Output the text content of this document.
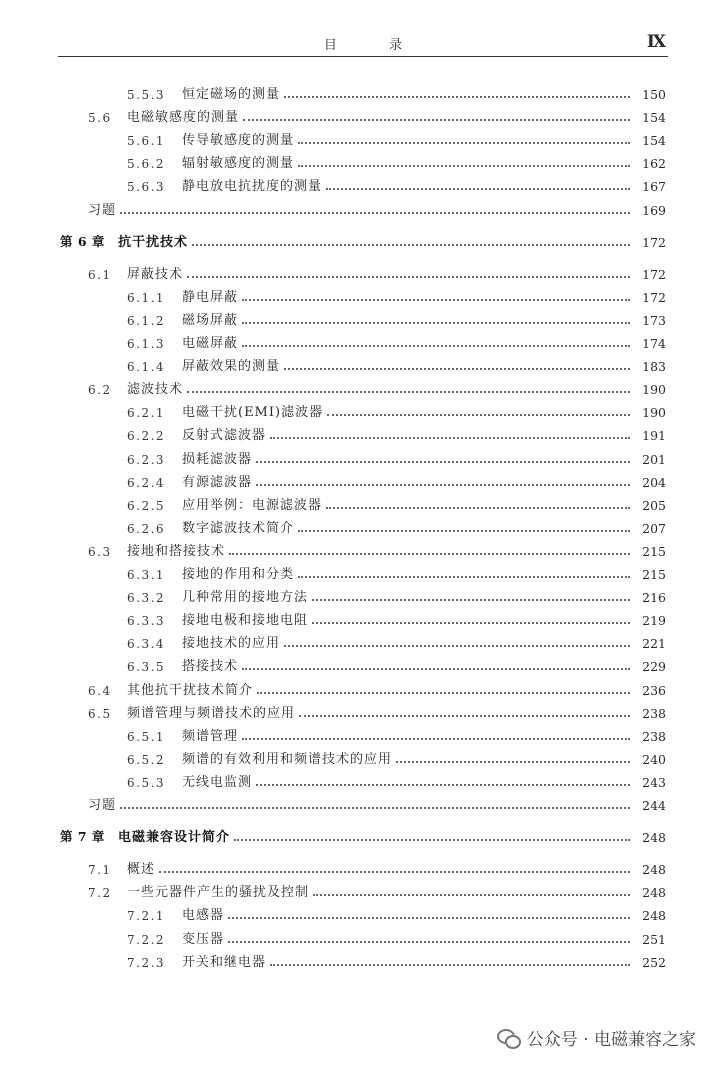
目 录	Ⅸ
5.5.3 恒定磁场的测量	150
5.6 电磁敏感度的测量	154
5.6.1 传导敏感度的测量	154
5.6.2 辐射敏感度的测量	162
5.6.3 静电放电抗扰度的测量	167
习题	169
第 6 章 抗干扰技术	172
6.1 屏蔽技术	172
6.1.1 静电屏蔽	172
6.1.2 磁场屏蔽	173
6.1.3 电磁屏蔽	174
6.1.4 屏蔽效果的测量	183
6.2 滤波技术	190
6.2.1 电磁干扰(EMI)滤波器	190
6.2.2 反射式滤波器	191
6.2.3 损耗滤波器	201
6.2.4 有源滤波器	204
6.2.5 应用举例：电源滤波器	205
6.2.6 数字滤波技术简介	207
6.3 接地和搭接技术	215
6.3.1 接地的作用和分类	215
6.3.2 几种常用的接地方法	216
6.3.3 接地电极和接地电阻	219
6.3.4 接地技术的应用	221
6.3.5 搭接技术	229
6.4 其他抗干扰技术简介	236
6.5 频谱管理与频谱技术的应用	238
6.5.1 频谱管理	238
6.5.2 频谱的有效利用和频谱技术的应用	240
6.5.3 无线电监测	243
习题	244
第 7 章 电磁兼容设计简介	248
7.1 概述	248
7.2 一些元器件产生的骚扰及控制	248
7.2.1 电感器	248
7.2.2 变压器	251
7.2.3 开关和继电器	252
公众号 · 电磁兼容之家
